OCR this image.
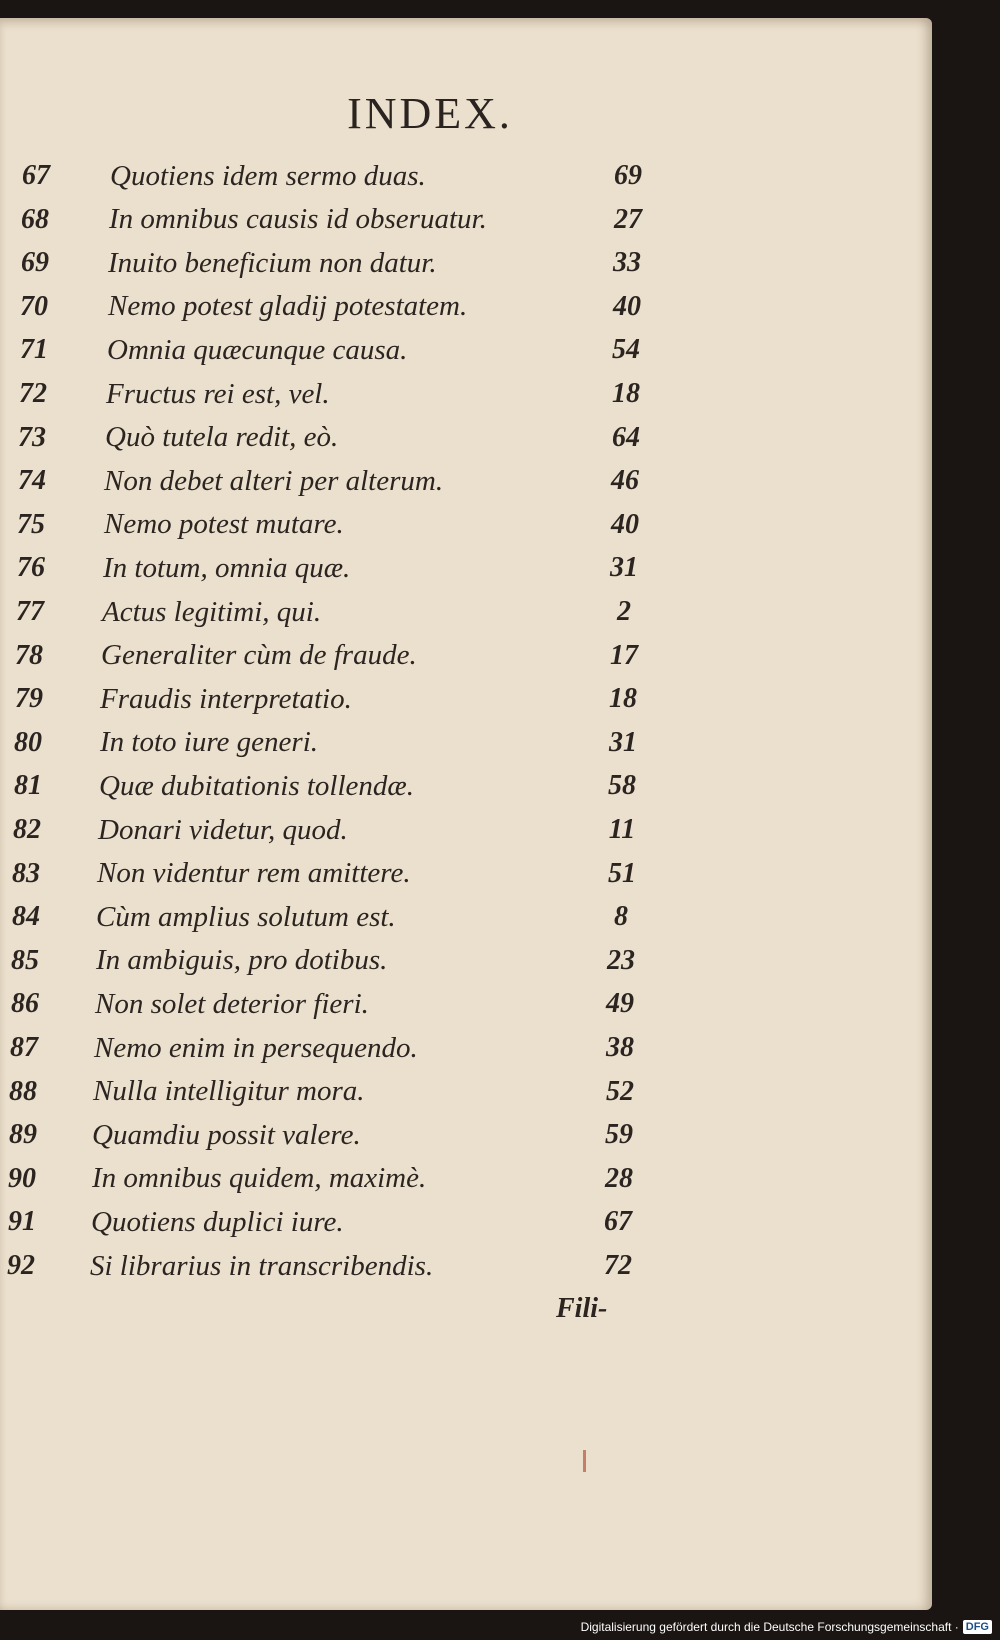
INDEX.
67	Quotiens idem sermo duas.	69
68	In omnibus causis id obseruatur.	27
69	Inuito beneficium non datur.	33
70	Nemo potest gladij potestatem.	40
71	Omnia quæcunque causa.	54
72	Fructus rei est, vel.	18
73	Quò tutela redit, eò.	64
74	Non debet alteri per alterum.	46
75	Nemo potest mutare.	40
76	In totum, omnia quæ.	31
77	Actus legitimi, qui.	2
78	Generaliter cùm de fraude.	17
79	Fraudis interpretatio.	18
80	In toto iure generi.	31
81	Quæ dubitationis tollendæ.	58
82	Donari videtur, quod.	11
83	Non videntur rem amittere.	51
84	Cùm amplius solutum est.	8
85	In ambiguis, pro dotibus.	23
86	Non solet deterior fieri.	49
87	Nemo enim in persequendo.	38
88	Nulla intelligitur mora.	52
89	Quamdiu possit valere.	59
90	In omnibus quidem, maximè.	28
91	Quotiens duplici iure.	67
92	Si librarius in transcribendis.	72
Fili-
Digitalisierung gefördert durch die Deutsche Forschungsgemeinschaft · DFG
